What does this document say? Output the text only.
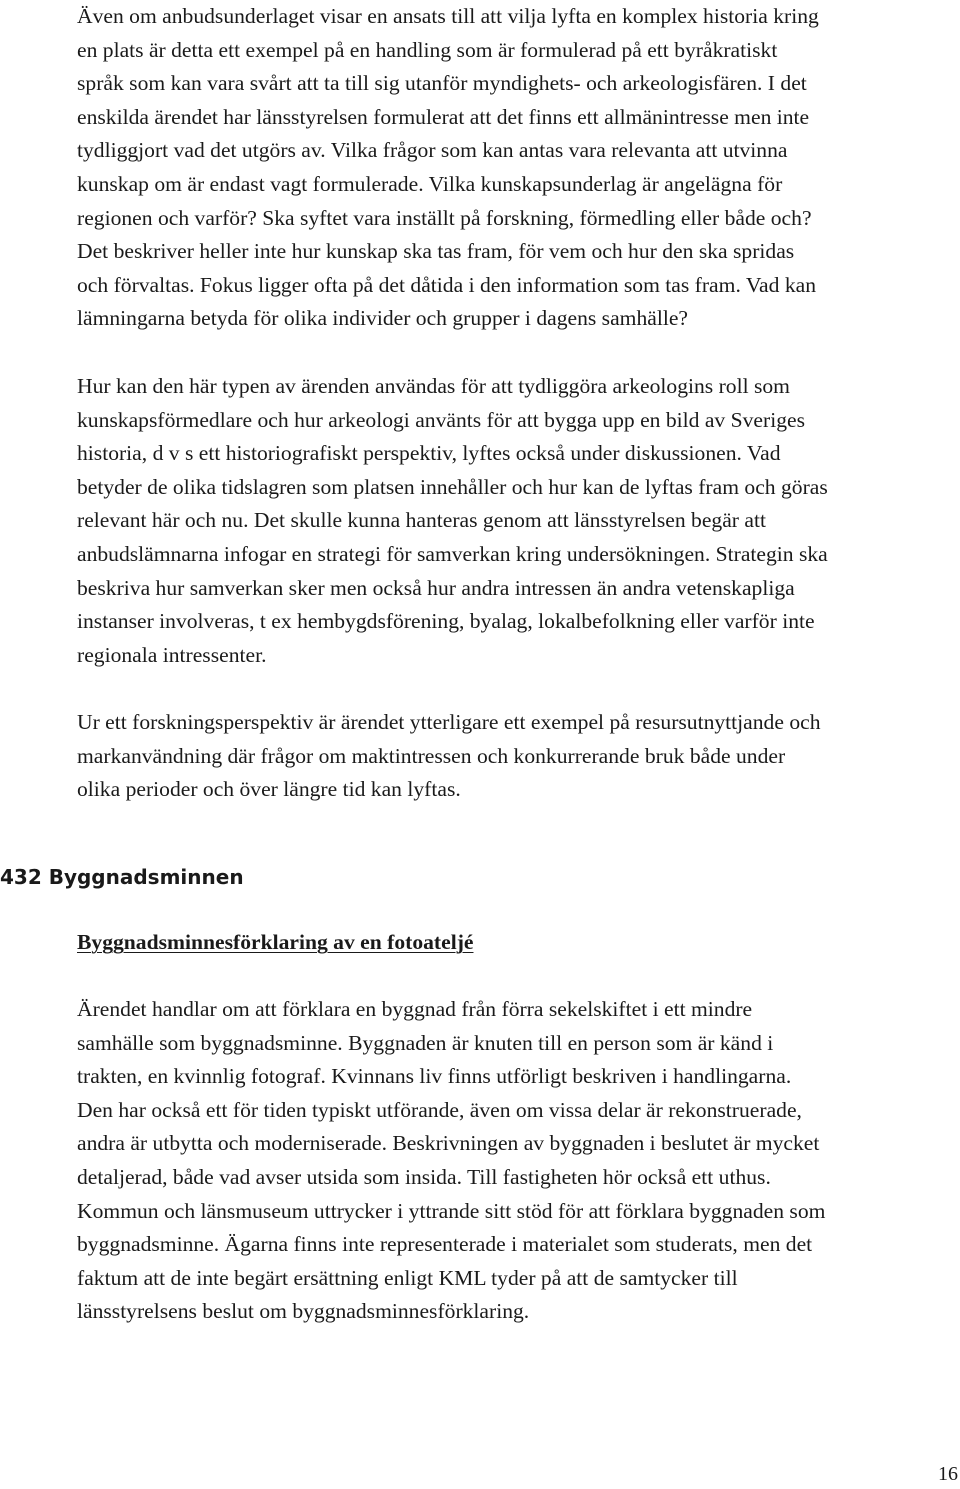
Även om anbudsunderlaget visar en ansats till att vilja lyfta en komplex historia kring
en plats är detta ett exempel på en handling som är formulerad på ett byråkratiskt
språk som kan vara svårt att ta till sig utanför myndighets- och arkeologisfären. I det
enskilda ärendet har länsstyrelsen formulerat att det finns ett allmänintresse men inte
tydliggjort vad det utgörs av. Vilka frågor som kan antas vara relevanta att utvinna
kunskap om är endast vagt formulerade. Vilka kunskapsunderlag är angelägna för
regionen och varför? Ska syftet vara inställt på forskning, förmedling eller både och?
Det beskriver heller inte hur kunskap ska tas fram, för vem och hur den ska spridas
och förvaltas. Fokus ligger ofta på det dåtida i den information som tas fram. Vad kan
lämningarna betyda för olika individer och grupper i dagens samhälle?

Hur kan den här typen av ärenden användas för att tydliggöra arkeologins roll som
kunskapsförmedlare och hur arkeologi använts för att bygga upp en bild av Sveriges
historia, d v s ett historiografiskt perspektiv, lyftes också under diskussionen. Vad
betyder de olika tidslagren som platsen innehåller och hur kan de lyftas fram och göras
relevant här och nu. Det skulle kunna hanteras genom att länsstyrelsen begär att
anbudslämnarna infogar en strategi för samverkan kring undersökningen. Strategin ska
beskriva hur samverkan sker men också hur andra intressen än andra vetenskapliga
instanser involveras, t ex hembygdsförening, byalag, lokalbefolkning eller varför inte
regionala intressenter.

Ur ett forskningsperspektiv är ärendet ytterligare ett exempel på resursutnyttjande och
markanvändning där frågor om maktintressen och konkurrerande bruk både under
olika perioder och över längre tid kan lyftas.

432 Byggnadsminnen
Byggnadsminnesförklaring av en fotoateljé

Ärendet handlar om att förklara en byggnad från förra sekelskiftet i ett mindre
samhälle som byggnadsminne. Byggnaden är knuten till en person som är känd i
trakten, en kvinnlig fotograf. Kvinnans liv finns utförligt beskriven i handlingarna.
Den har också ett för tiden typiskt utförande, även om vissa delar är rekonstruerade,
andra är utbytta och moderniserade. Beskrivningen av byggnaden i beslutet är mycket
detaljerad, både vad avser utsida som insida. Till fastigheten hör också ett uthus.
Kommun och länsmuseum uttrycker i yttrande sitt stöd för att förklara byggnaden som
byggnadsminne. Ägarna finns inte representerade i materialet som studerats, men det
faktum att de inte begärt ersättning enligt KML tyder på att de samtycker till
länsstyrelsens beslut om byggnadsminnesförklaring.

16
